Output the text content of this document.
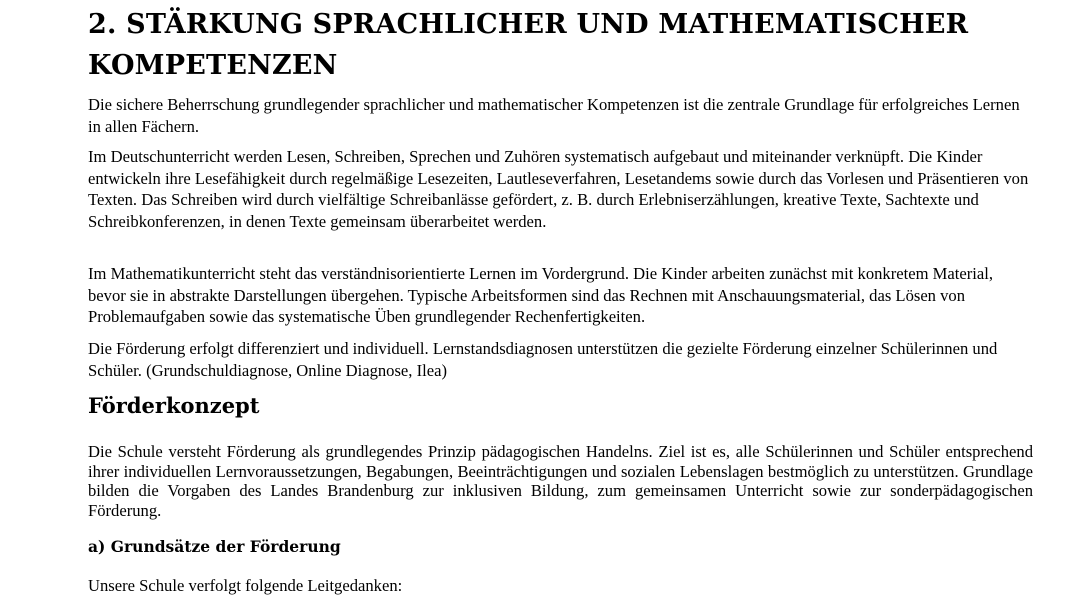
2. STÄRKUNG SPRACHLICHER UND MATHEMATISCHER KOMPETENZEN

Die sichere Beherrschung grundlegender sprachlicher und mathematischer Kompetenzen ist die zentrale Grundlage für erfolgreiches Lernen in allen Fächern.

Im Deutschunterricht werden Lesen, Schreiben, Sprechen und Zuhören systematisch aufgebaut und miteinander verknüpft. Die Kinder entwickeln ihre Lesefähigkeit durch regelmäßige Lesezeiten, Lautleseverfahren, Lesetandems sowie durch das Vorlesen und Präsentieren von Texten. Das Schreiben wird durch vielfältige Schreibanlässe gefördert, z. B. durch Erlebniserzählungen, kreative Texte, Sachtexte und Schreibkonferenzen, in denen Texte gemeinsam überarbeitet werden.

Im Mathematikunterricht steht das verständnisorientierte Lernen im Vordergrund. Die Kinder arbeiten zunächst mit konkretem Material, bevor sie in abstrakte Darstellungen übergehen. Typische Arbeitsformen sind das Rechnen mit Anschauungsmaterial, das Lösen von Problemaufgaben sowie das systematische Üben grundlegender Rechenfertigkeiten.

Die Förderung erfolgt differenziert und individuell. Lernstandsdiagnosen unterstützen die gezielte Förderung einzelner Schülerinnen und Schüler. (Grundschuldiagnose, Online Diagnose, Ilea)

Förderkonzept

Die Schule versteht Förderung als grundlegendes Prinzip pädagogischen Handelns. Ziel ist es, alle Schülerinnen und Schüler entsprechend ihrer individuellen Lernvoraussetzungen, Begabungen, Beeinträchtigungen und sozialen Lebenslagen bestmöglich zu unterstützen. Grundlage bilden die Vorgaben des Landes Brandenburg zur inklusiven Bildung, zum gemeinsamen Unterricht sowie zur sonderpädagogischen Förderung.

a) Grundsätze der Förderung

Unsere Schule verfolgt folgende Leitgedanken:
